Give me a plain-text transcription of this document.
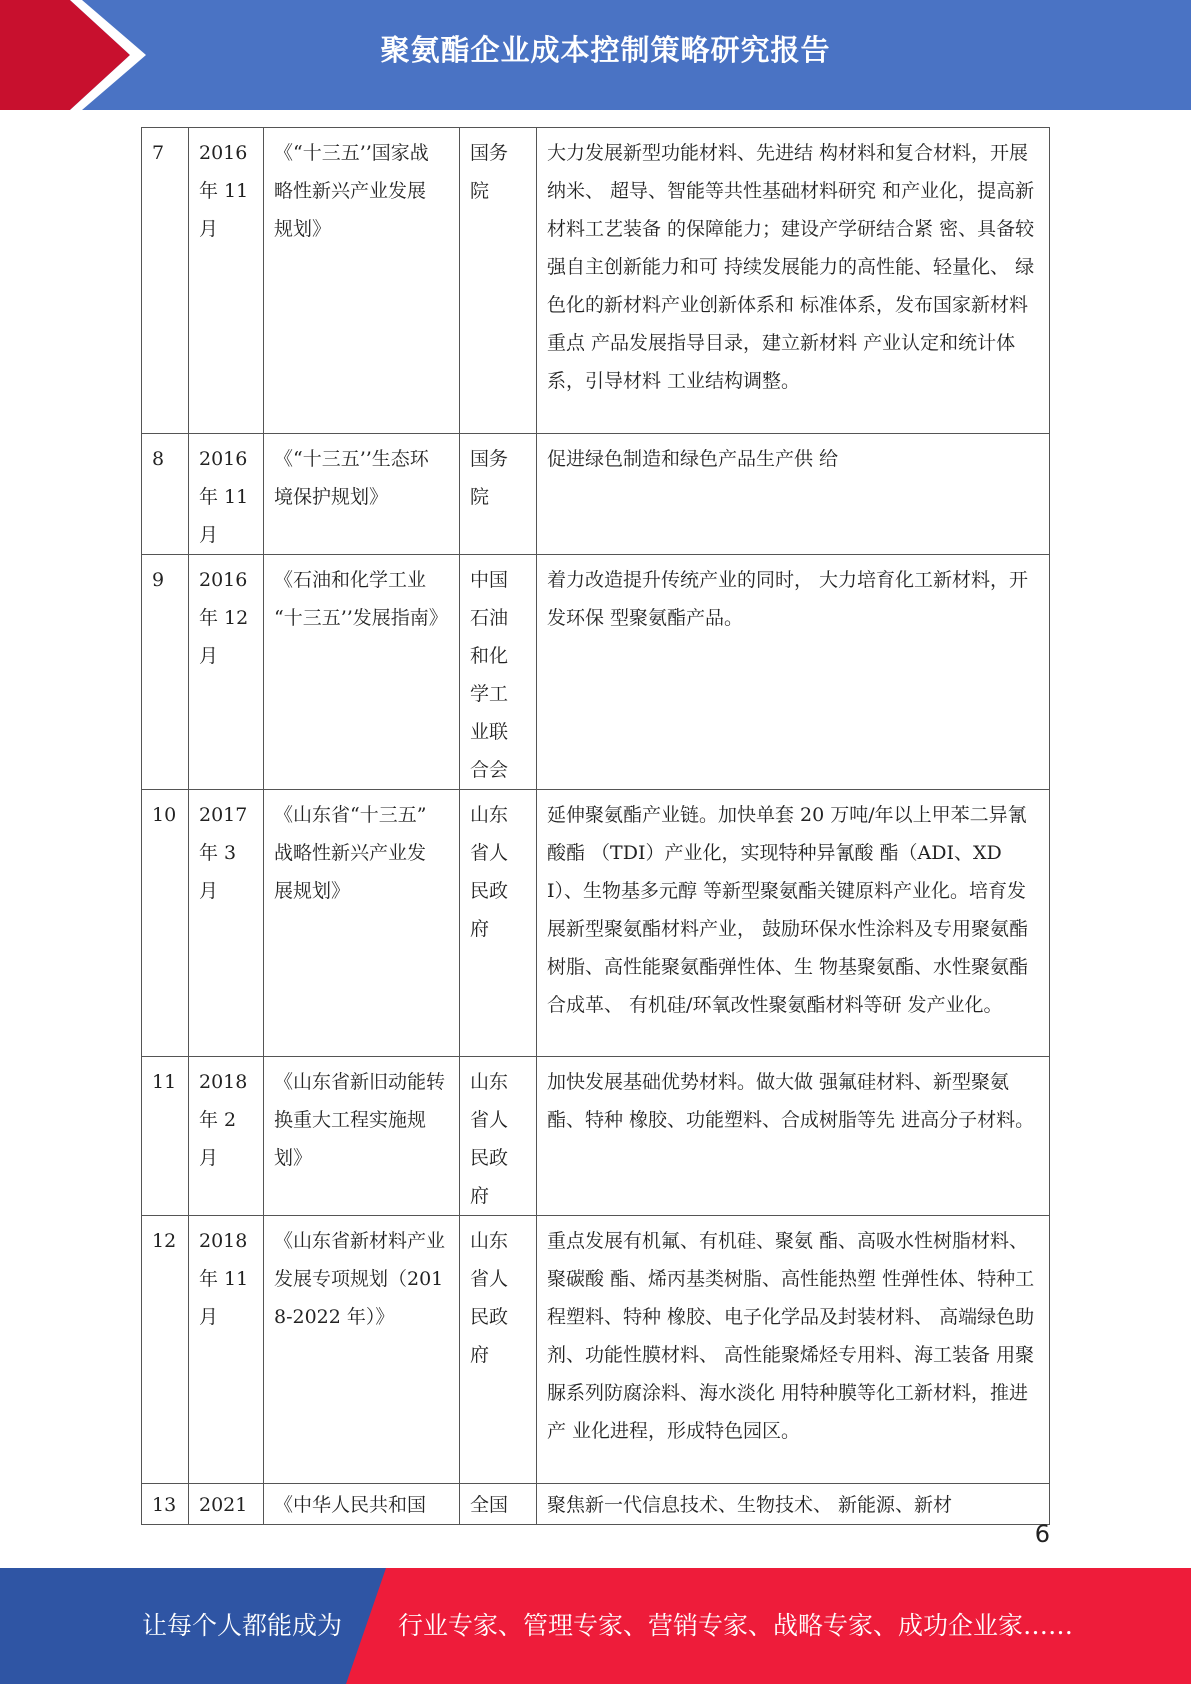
聚氨酯企业成本控制策略研究报告
7	2016 年 11 月	《“十三五’’国家战 略性新兴产业发展 规划》	国务院	大力发展新型功能材料、先进结 构材料和复合材料，开展纳米、 超导、智能等共性基础材料研究 和产业化，提高新材料工艺装备 的保障能力；建设产学研结合紧 密、具备较强自主创新能力和可 持续发展能力的高性能、轻量化、 绿色化的新材料产业创新体系和 标准体系，发布国家新材料重点 产品发展指导目录，建立新材料 产业认定和统计体系，引导材料 工业结构调整。
8	2016 年 11 月	《“十三五’’生态环 境保护规划》	国务院	促进绿色制造和绿色产品生产供 给
9	2016 年 12 月	《石油和化学工业 “十三五’’发展指南》	中国石油和化学工业联合会	着力改造提升传统产业的同时， 大力培育化工新材料，开发环保 型聚氨酯产品。
10	2017 年 3 月	《山东省“十三五” 战略性新兴产业发 展规划》	山东省人民政府	延伸聚氨酯产业链。加快单套 20 万吨/年以上甲苯二异氰酸酯 （TDI）产业化，实现特种异氰酸 酯（ADI、XDI）、生物基多元醇 等新型聚氨酯关键原料产业化。培育发展新型聚氨酯材料产业， 鼓励环保水性涂料及专用聚氨酯 树脂、高性能聚氨酯弹性体、生 物基聚氨酯、水性聚氨酯合成革、 有机硅/环氧改性聚氨酯材料等研 发产业化。
11	2018 年 2 月	《山东省新旧动能转换重大工程实施规划》	山东省人民政府	加快发展基础优势材料。做大做 强氟硅材料、新型聚氨酯、特种 橡胶、功能塑料、合成树脂等先 进高分子材料。
12	2018 年 11 月	《山东省新材料产业发展专项规划（2018-2022 年）》	山东省人民政府	重点发展有机氟、有机硅、聚氨 酯、高吸水性树脂材料、聚碳酸 酯、烯丙基类树脂、高性能热塑 性弹性体、特种工程塑料、特种 橡胶、电子化学品及封装材料、 高端绿色助剂、功能性膜材料、 高性能聚烯烃专用料、海工装备 用聚脲系列防腐涂料、海水淡化 用特种膜等化工新材料，推进产 业化进程，形成特色园区。
13	2021	《中华人民共和国	全国	聚焦新一代信息技术、生物技术、 新能源、新材
6
让每个人都能成为 行业专家、管理专家、营销专家、战略专家、成功企业家……
